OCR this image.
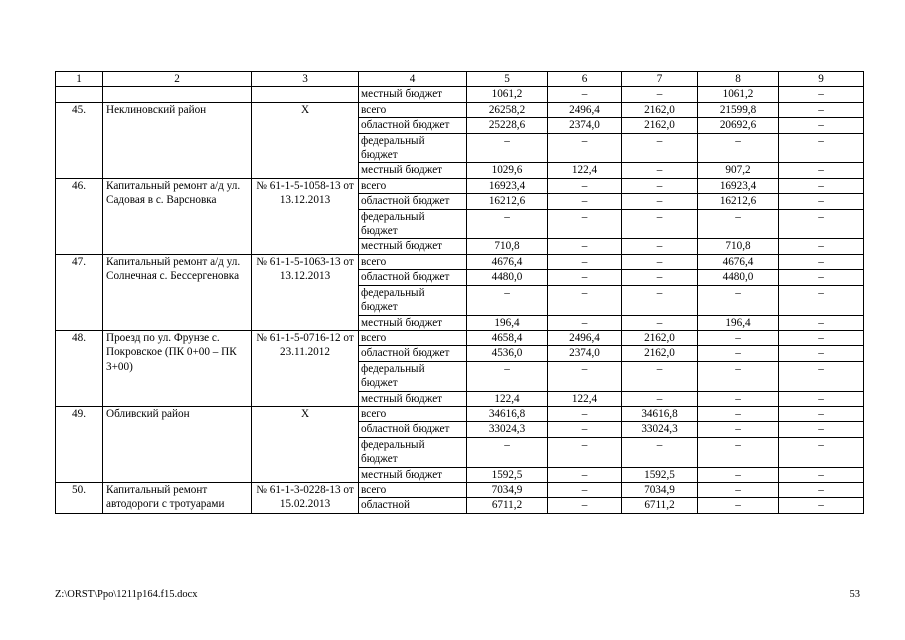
1	2	3	4	5	6	7	8	9
			местный бюджет	1061,2	–	–	1061,2	–
45.	Неклиновский район	X	всего	26258,2	2496,4	2162,0	21599,8	–
			областной бюджет	25228,6	2374,0	2162,0	20692,6	–
			федеральный бюджет	–	–	–	–	–
			местный бюджет	1029,6	122,4	–	907,2	–
46.	Капитальный ремонт а/д ул. Садовая в с. Варсновка	№ 61-1-5-1058-13 от 13.12.2013	всего	16923,4	–	–	16923,4	–
			областной бюджет	16212,6	–	–	16212,6	–
			федеральный бюджет	–	–	–	–	–
			местный бюджет	710,8	–	–	710,8	–
47.	Капитальный ремонт а/д ул. Солнечная с. Бессергеновка	№ 61-1-5-1063-13 от 13.12.2013	всего	4676,4	–	–	4676,4	–
			областной бюджет	4480,0	–	–	4480,0	–
			федеральный бюджет	–	–	–	–	–
			местный бюджет	196,4	–	–	196,4	–
48.	Проезд по ул. Фрунзе с. Покровское (ПК 0+00 – ПК 3+00)	№ 61-1-5-0716-12 от 23.11.2012	всего	4658,4	2496,4	2162,0	–	–
			областной бюджет	4536,0	2374,0	2162,0	–	–
			федеральный бюджет	–	–	–	–	–
			местный бюджет	122,4	122,4	–	–	–
49.	Обливский район	X	всего	34616,8	–	34616,8	–	–
			областной бюджет	33024,3	–	33024,3	–	–
			федеральный бюджет	–	–	–	–	–
			местный бюджет	1592,5	–	1592,5	–	–
50.	Капитальный ремонт автодороги с тротуарами	№ 61-1-3-0228-13 от 15.02.2013	всего	7034,9	–	7034,9	–	–
			областной	6711,2	–	6711,2	–	–
Z:\ORST\Ppo\1211p164.f15.docx	53
